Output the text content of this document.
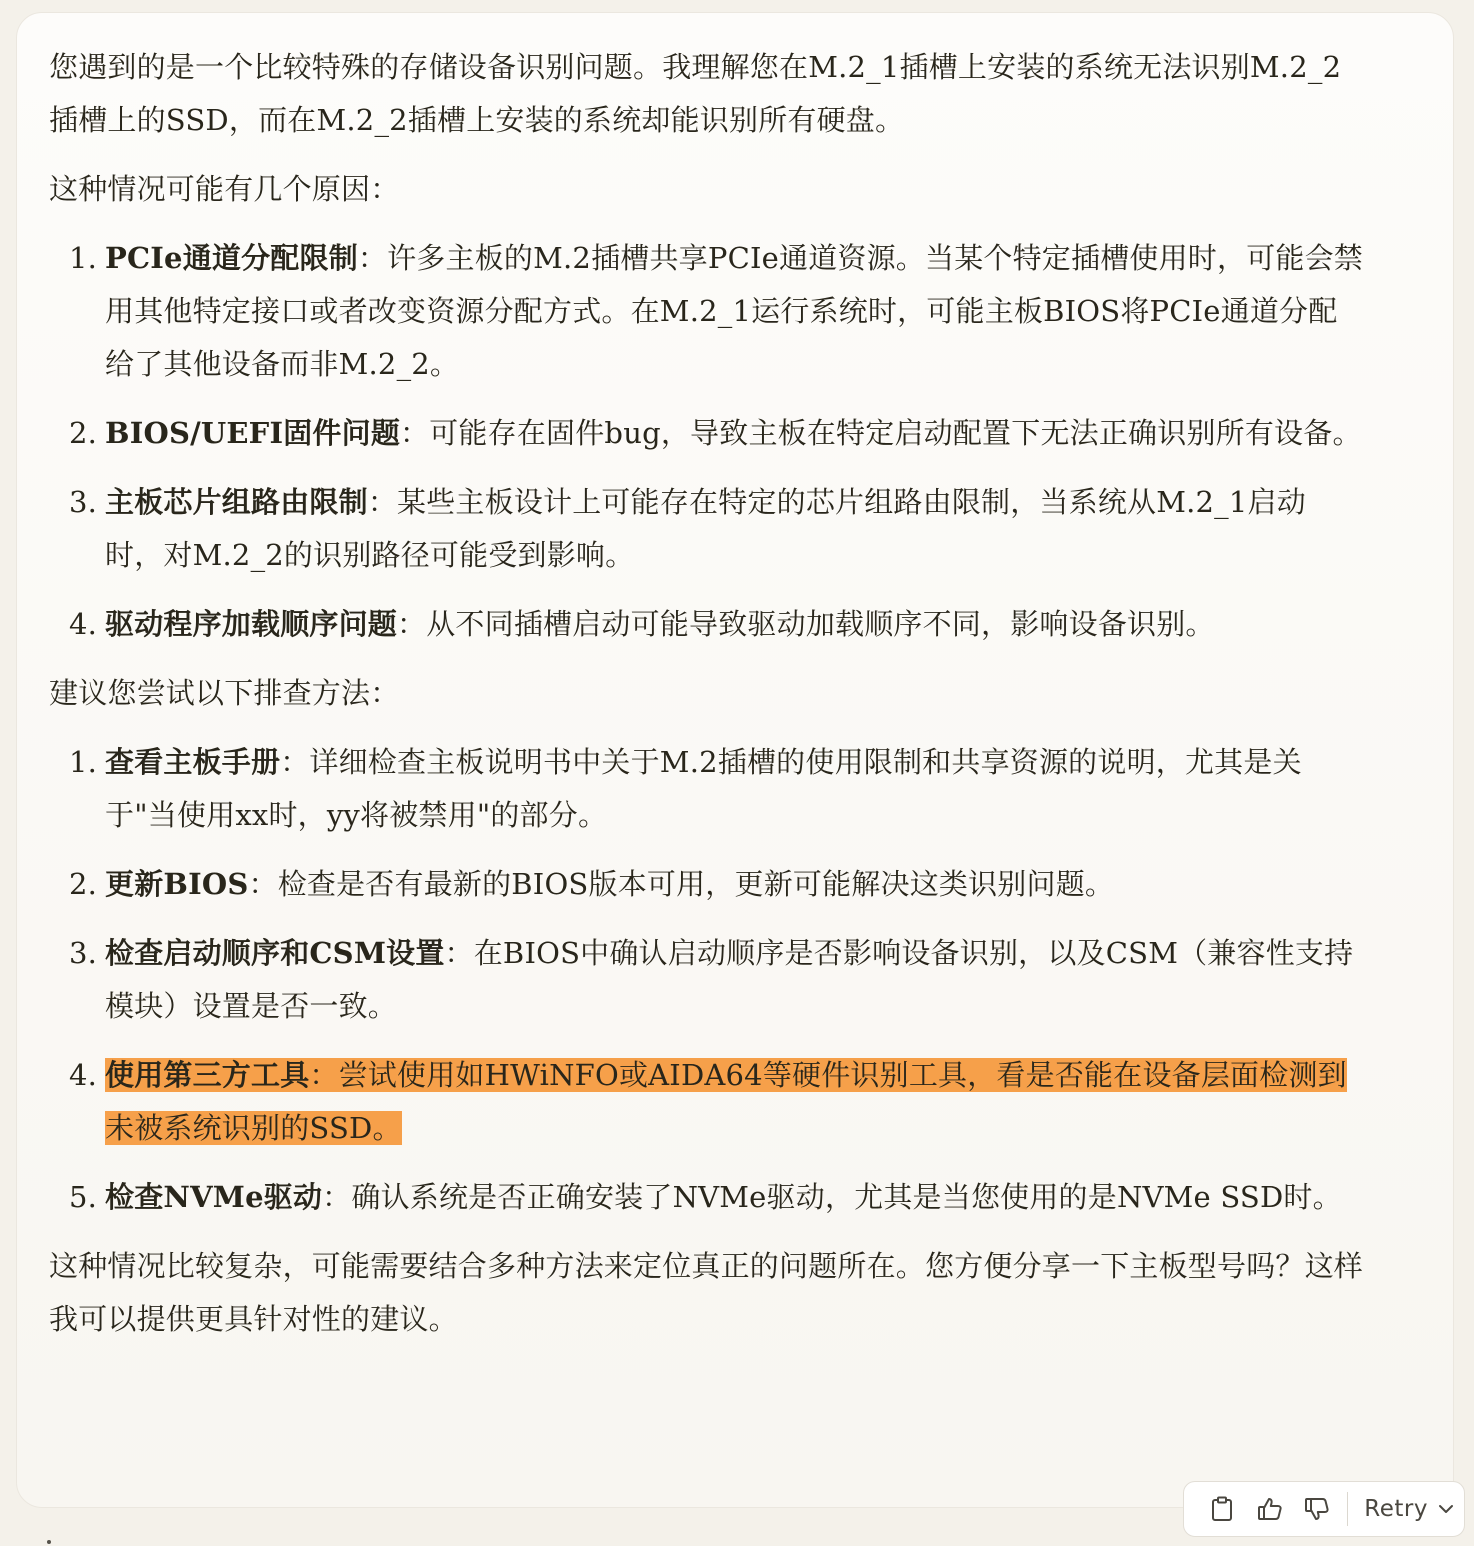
您遇到的是一个比较特殊的存储设备识别问题。我理解您在M.2_1插槽上安装的系统无法识别M.2_2插槽上的SSD，而在M.2_2插槽上安装的系统却能识别所有硬盘。

这种情况可能有几个原因：

1. PCIe通道分配限制：许多主板的M.2插槽共享PCIe通道资源。当某个特定插槽使用时，可能会禁用其他特定接口或者改变资源分配方式。在M.2_1运行系统时，可能主板BIOS将PCIe通道分配给了其他设备而非M.2_2。
2. BIOS/UEFI固件问题：可能存在固件bug，导致主板在特定启动配置下无法正确识别所有设备。
3. 主板芯片组路由限制：某些主板设计上可能存在特定的芯片组路由限制，当系统从M.2_1启动时，对M.2_2的识别路径可能受到影响。
4. 驱动程序加载顺序问题：从不同插槽启动可能导致驱动加载顺序不同，影响设备识别。

建议您尝试以下排查方法：

1. 查看主板手册：详细检查主板说明书中关于M.2插槽的使用限制和共享资源的说明，尤其是关于"当使用xx时，yy将被禁用"的部分。
2. 更新BIOS：检查是否有最新的BIOS版本可用，更新可能解决这类识别问题。
3. 检查启动顺序和CSM设置：在BIOS中确认启动顺序是否影响设备识别，以及CSM（兼容性支持模块）设置是否一致。
4. 使用第三方工具：尝试使用如HWiNFO或AIDA64等硬件识别工具，看是否能在设备层面检测到未被系统识别的SSD。
5. 检查NVMe驱动：确认系统是否正确安装了NVMe驱动，尤其是当您使用的是NVMe SSD时。

这种情况比较复杂，可能需要结合多种方法来定位真正的问题所在。您方便分享一下主板型号吗？这样我可以提供更具针对性的建议。

Retry
